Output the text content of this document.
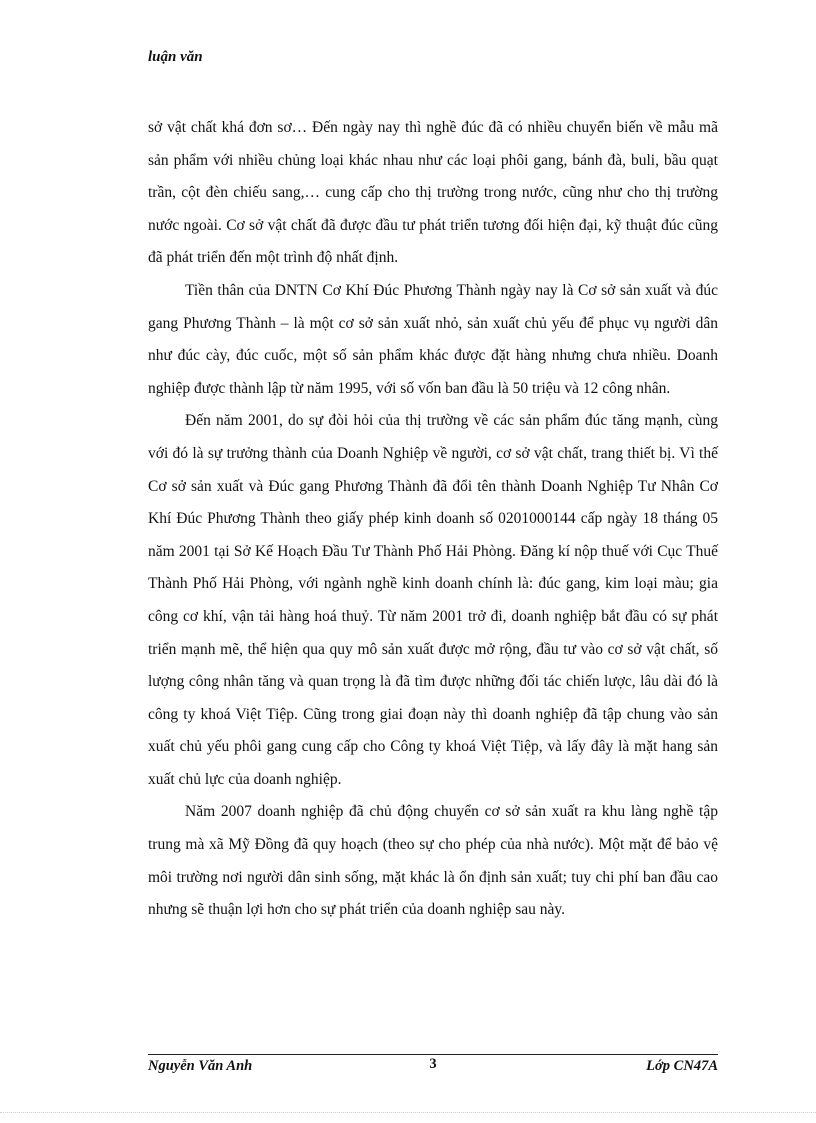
luận văn

sở vật chất khá đơn sơ… Đến ngày nay thì nghề đúc đã có nhiều chuyển biến về mẫu mã sản phẩm với nhiều chủng loại khác nhau như các loại phôi gang, bánh đà, buli, bầu quạt trần, cột đèn chiếu sang,… cung cấp cho thị trường trong nước, cũng như cho thị trường nước ngoài. Cơ sở vật chất đã được đầu tư phát triển tương đối hiện đại, kỹ thuật đúc cũng đã phát triển đến một trình độ nhất định.

Tiền thân của DNTN Cơ Khí Đúc Phương Thành ngày nay là Cơ sở sản xuất và đúc gang Phương Thành – là một cơ sở sản xuất nhỏ, sản xuất chủ yếu để phục vụ người dân như đúc cày, đúc cuốc, một số sản phẩm khác được đặt hàng nhưng chưa nhiều. Doanh nghiệp được thành lập từ năm 1995, với số vốn ban đầu là 50 triệu và 12 công nhân.

Đến năm 2001, do sự đòi hỏi của thị trường về các sản phẩm đúc tăng mạnh, cùng với đó là sự trưởng thành của Doanh Nghiệp về người, cơ sở vật chất, trang thiết bị. Vì thế Cơ sở sản xuất và Đúc gang Phương Thành đã đổi tên thành Doanh Nghiệp Tư Nhân Cơ Khí Đúc Phương Thành theo giấy phép kinh doanh số 0201000144 cấp ngày 18 tháng 05 năm 2001 tại Sở Kế Hoạch Đầu Tư Thành Phố Hải Phòng. Đăng kí nộp thuế với Cục Thuế Thành Phố Hải Phòng, với ngành nghề kinh doanh chính là: đúc gang, kim loại màu; gia công cơ khí, vận tải hàng hoá thuỷ. Từ năm 2001 trở đi, doanh nghiệp bắt đầu có sự phát triển mạnh mẽ, thể hiện qua quy mô sản xuất được mở rộng, đầu tư vào cơ sở vật chất, số lượng công nhân tăng và quan trọng là đã tìm được những đối tác chiến lược, lâu dài đó là công ty khoá Việt Tiệp. Cũng trong giai đoạn này thì doanh nghiệp đã tập chung vào sản xuất chủ yếu phôi gang cung cấp cho Công ty khoá Việt Tiệp, và lấy đây là mặt hang sản xuất chủ lực của doanh nghiệp.

Năm 2007 doanh nghiệp đã chủ động chuyển cơ sở sản xuất ra khu làng nghề tập trung mà xã Mỹ Đồng đã quy hoạch (theo sự cho phép của nhà nước). Một mặt để bảo vệ môi trường nơi người dân sinh sống, mặt khác là ổn định sản xuất; tuy chi phí ban đầu cao nhưng sẽ thuận lợi hơn cho sự phát triển của doanh nghiệp sau này.

Nguyễn Văn Anh	3	Lớp CN47A
